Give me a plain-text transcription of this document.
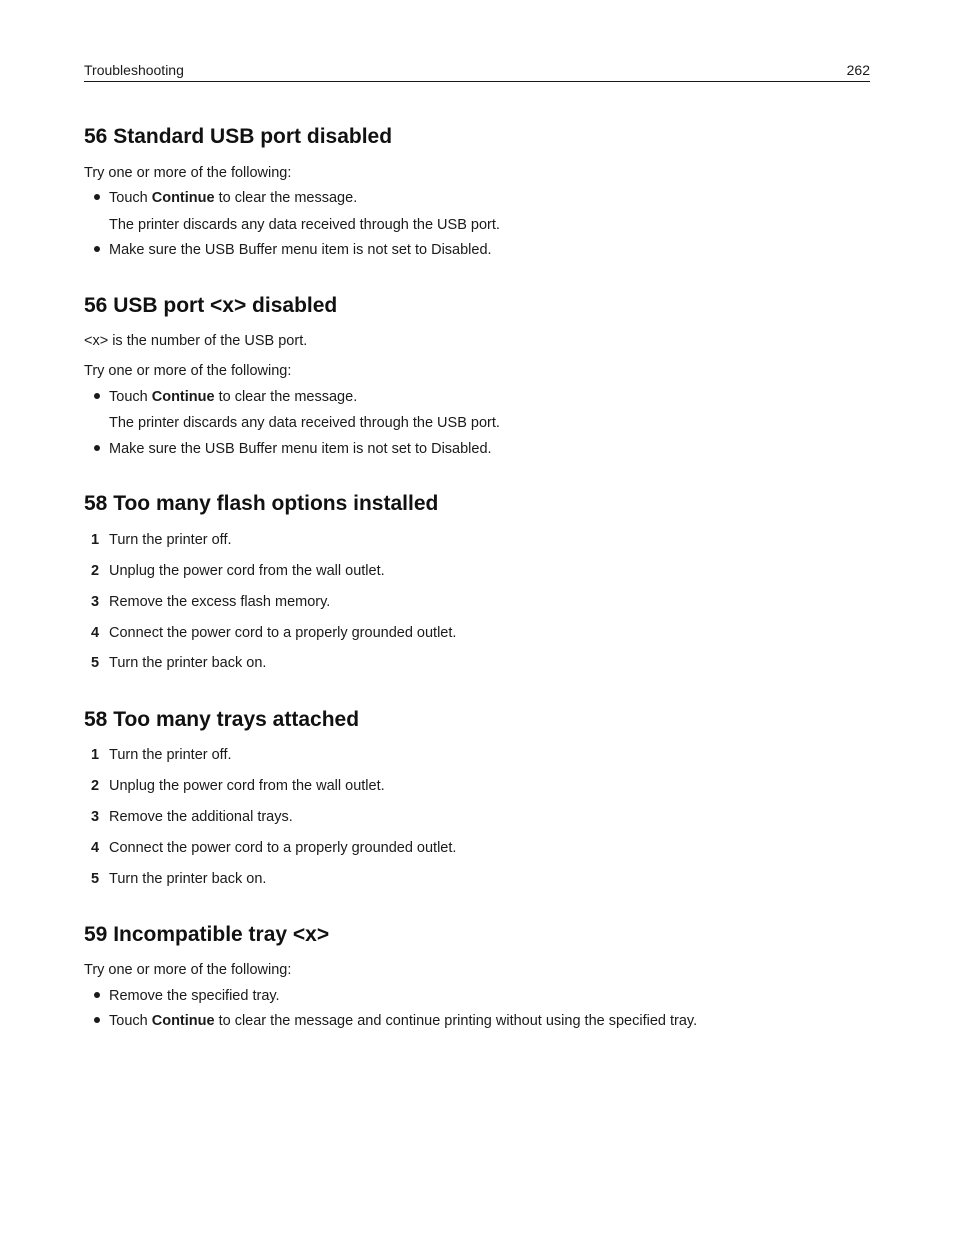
Troubleshooting	262
56 Standard USB port disabled

Try one or more of the following:

Touch Continue to clear the message.

The printer discards any data received through the USB port.

Make sure the USB Buffer menu item is not set to Disabled.
56 USB port <x> disabled

<x> is the number of the USB port.

Try one or more of the following:

Touch Continue to clear the message.

The printer discards any data received through the USB port.

Make sure the USB Buffer menu item is not set to Disabled.
58 Too many flash options installed
1 Turn the printer off.
2 Unplug the power cord from the wall outlet.
3 Remove the excess flash memory.
4 Connect the power cord to a properly grounded outlet.
5 Turn the printer back on.
58 Too many trays attached
1 Turn the printer off.
2 Unplug the power cord from the wall outlet.
3 Remove the additional trays.
4 Connect the power cord to a properly grounded outlet.
5 Turn the printer back on.
59 Incompatible tray <x>

Try one or more of the following:

Remove the specified tray.
Touch Continue to clear the message and continue printing without using the specified tray.
